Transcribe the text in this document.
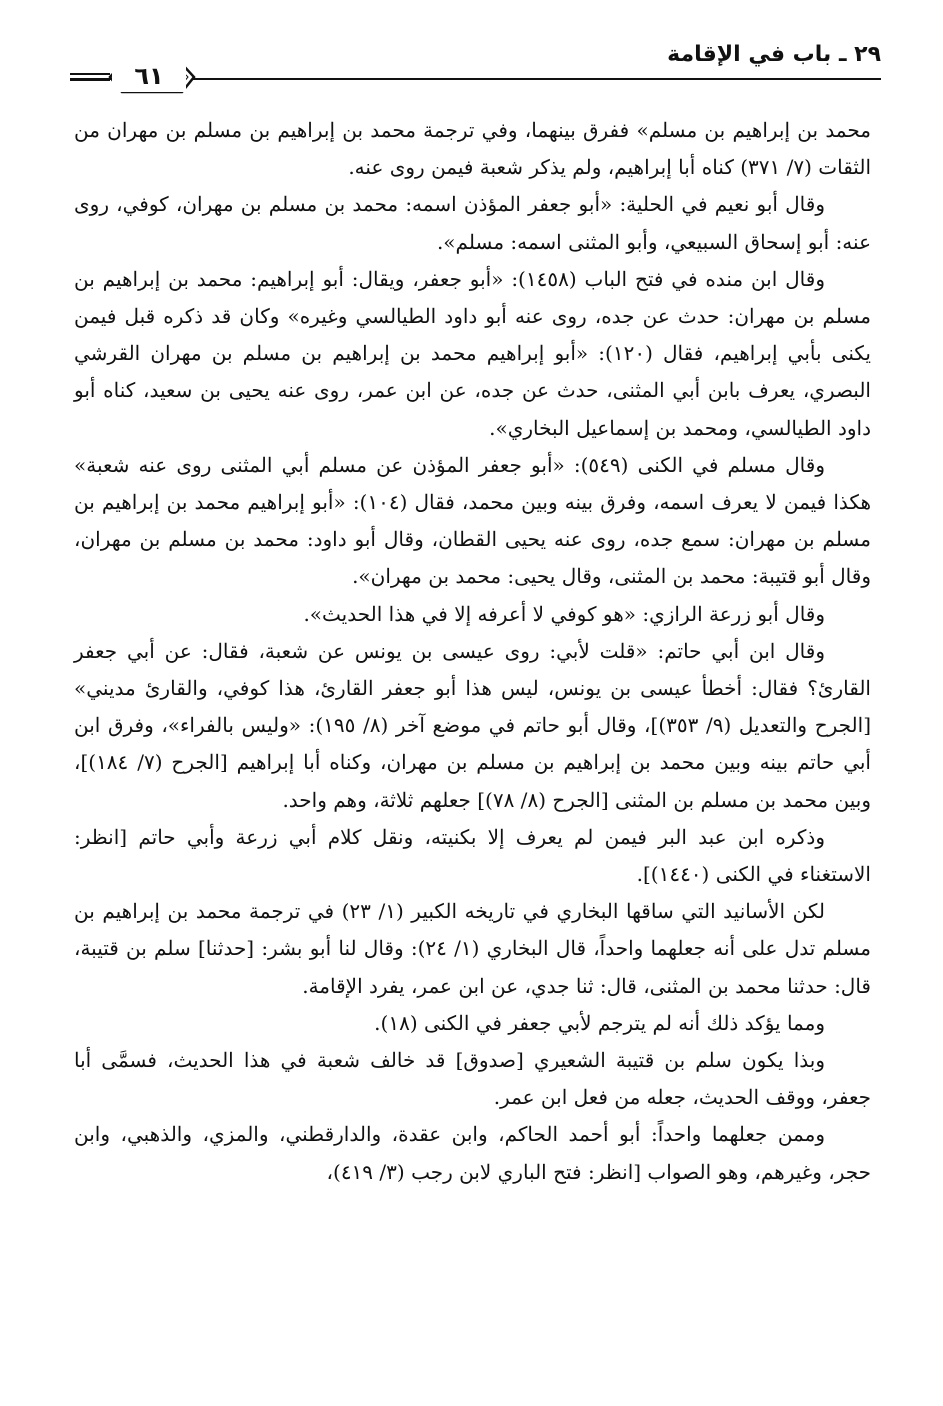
٢٩ ـ باب في الإقامة
٦١

محمد بن إبراهيم بن مسلم» ففرق بينهما، وفي ترجمة محمد بن إبراهيم بن مسلم بن مهران من الثقات (٧/ ٣٧١) كناه أبا إبراهيم، ولم يذكر شعبة فيمن روى عنه.

وقال أبو نعيم في الحلية: «أبو جعفر المؤذن اسمه: محمد بن مسلم بن مهران، كوفي، روى عنه: أبو إسحاق السبيعي، وأبو المثنى اسمه: مسلم».

وقال ابن منده في فتح الباب (١٤٥٨): «أبو جعفر، ويقال: أبو إبراهيم: محمد بن إبراهيم بن مسلم بن مهران: حدث عن جده، روى عنه أبو داود الطيالسي وغيره» وكان قد ذكره قبل فيمن يكنى بأبي إبراهيم، فقال (١٢٠): «أبو إبراهيم محمد بن إبراهيم بن مسلم بن مهران القرشي البصري، يعرف بابن أبي المثنى، حدث عن جده، عن ابن عمر، روى عنه يحيى بن سعيد، كناه أبو داود الطيالسي، ومحمد بن إسماعيل البخاري».

وقال مسلم في الكنى (٥٤٩): «أبو جعفر المؤذن عن مسلم أبي المثنى روى عنه شعبة» هكذا فيمن لا يعرف اسمه، وفرق بينه وبين محمد، فقال (١٠٤): «أبو إبراهيم محمد بن إبراهيم بن مسلم بن مهران: سمع جده، روى عنه يحيى القطان، وقال أبو داود: محمد بن مسلم بن مهران، وقال أبو قتيبة: محمد بن المثنى، وقال يحيى: محمد بن مهران».

وقال أبو زرعة الرازي: «هو كوفي لا أعرفه إلا في هذا الحديث».

وقال ابن أبي حاتم: «قلت لأبي: روى عيسى بن يونس عن شعبة، فقال: عن أبي جعفر القارئ؟ فقال: أخطأ عيسى بن يونس، ليس هذا أبو جعفر القارئ، هذا كوفي، والقارئ مديني» [الجرح والتعديل (٩/ ٣٥٣)]، وقال أبو حاتم في موضع آخر (٨/ ١٩٥): «وليس بالفراء»، وفرق ابن أبي حاتم بينه وبين محمد بن إبراهيم بن مسلم بن مهران، وكناه أبا إبراهيم [الجرح (٧/ ١٨٤)]، وبين محمد بن مسلم بن المثنى [الجرح (٨/ ٧٨)] جعلهم ثلاثة، وهم واحد.

وذكره ابن عبد البر فيمن لم يعرف إلا بكنيته، ونقل كلام أبي زرعة وأبي حاتم [انظر: الاستغناء في الكنى (١٤٤٠)].

لكن الأسانيد التي ساقها البخاري في تاريخه الكبير (١/ ٢٣) في ترجمة محمد بن إبراهيم بن مسلم تدل على أنه جعلهما واحداً، قال البخاري (١/ ٢٤): وقال لنا أبو بشر: [حدثنا] سلم بن قتيبة، قال: حدثنا محمد بن المثنى، قال: ثنا جدي، عن ابن عمر، يفرد الإقامة.

ومما يؤكد ذلك أنه لم يترجم لأبي جعفر في الكنى (١٨).

وبذا يكون سلم بن قتيبة الشعيري [صدوق] قد خالف شعبة في هذا الحديث، فسمَّى أبا جعفر، ووقف الحديث، جعله من فعل ابن عمر.

وممن جعلهما واحداً: أبو أحمد الحاكم، وابن عقدة، والدارقطني، والمزي، والذهبي، وابن حجر، وغيرهم، وهو الصواب [انظر: فتح الباري لابن رجب (٣/ ٤١٩)،
